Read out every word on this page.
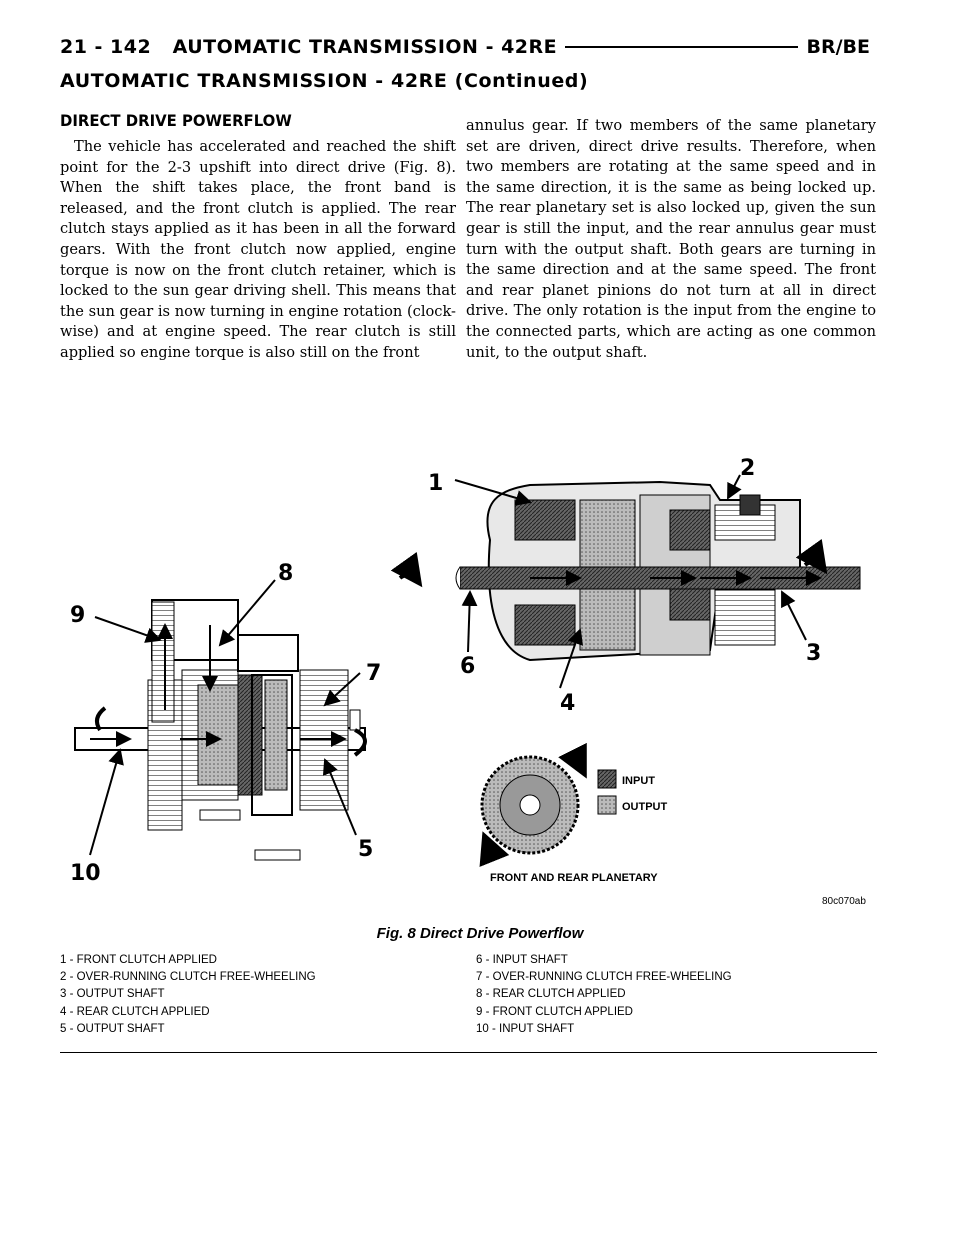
21 - 142 AUTOMATIC TRANSMISSION - 42RE	BR/BE
AUTOMATIC TRANSMISSION - 42RE (Continued)
DIRECT DRIVE POWERFLOW
The vehicle has accelerated and reached the shift point for the 2-3 upshift into direct drive (Fig. 8). When the shift takes place, the front band is released, and the front clutch is applied. The rear clutch stays applied as it has been in all the forward gears. With the front clutch now applied, engine torque is now on the front clutch retainer, which is locked to the sun gear driving shell. This means that the sun gear is now turning in engine rotation (clock-wise) and at engine speed. The rear clutch is still applied so engine torque is also still on the front
annulus gear. If two members of the same planetary set are driven, direct drive results. Therefore, when two members are rotating at the same speed and in the same direction, it is the same as being locked up. The rear planetary set is also locked up, given the sun gear is still the input, and the rear annulus gear must turn with the output shaft. Both gears are turning in the same direction and at the same speed. The front and rear planet pinions do not turn at all in direct drive. The only rotation is the input from the engine to the connected parts, which are acting as one common unit, to the output shaft.
INPUT
OUTPUT
FRONT AND REAR PLANETARY
80c070ab
1
2
3
4
5
6
7
8
9
10
Fig. 8 Direct Drive Powerflow
1 - FRONT CLUTCH APPLIED
2 - OVER-RUNNING CLUTCH FREE-WHEELING
3 - OUTPUT SHAFT
4 - REAR CLUTCH APPLIED
5 - OUTPUT SHAFT
6 - INPUT SHAFT
7 - OVER-RUNNING CLUTCH FREE-WHEELING
8 - REAR CLUTCH APPLIED
9 - FRONT CLUTCH APPLIED
10 - INPUT SHAFT
